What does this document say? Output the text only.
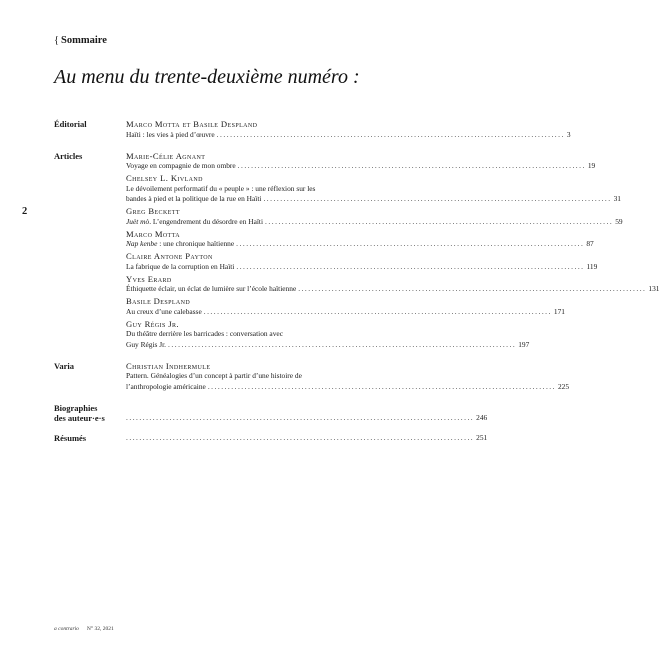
{ Sommaire
Au menu du trente-deuxième numéro :
2
Éditorial	Marco Motta et Basile Despland
Haïti : les vies à pied d’œuvre ........................................................................................................ 3
Articles	Marie-Célie Agnant
Voyage en compagnie de mon ombre ........................................................................................................ 19
Chelsey L. Kivland
Le dévoilement performatif du « peuple » : une réflexion sur les
bandes à pied et la politique de la rue en Haïti ........................................................................................................ 31
Greg Beckett
Juèt mò. L’engendrement du désordre en Haïti ........................................................................................................ 59
Marco Motta
Nap kenbe : une chronique haïtienne ........................................................................................................ 87
Claire Antone Payton
La fabrique de la corruption en Haïti ........................................................................................................ 119
Yves Erard
Éthiquette éclair, un éclat de lumière sur l’école haïtienne ........................................................................................................ 131
Basile Despland
Au creux d’une calebasse ........................................................................................................ 171
Guy Régis Jr.
Du théâtre derrière les barricades : conversation avec
Guy Régis Jr. ........................................................................................................ 197
Varia	Christian Indhermule
Pattern. Généalogies d’un concept à partir d’une histoire de
l’anthropologie américaine ........................................................................................................ 225
Biographies
des auteur·e·s	........................................................................................................ 246
Résumés	........................................................................................................ 251
a contrario N° 32, 2021
